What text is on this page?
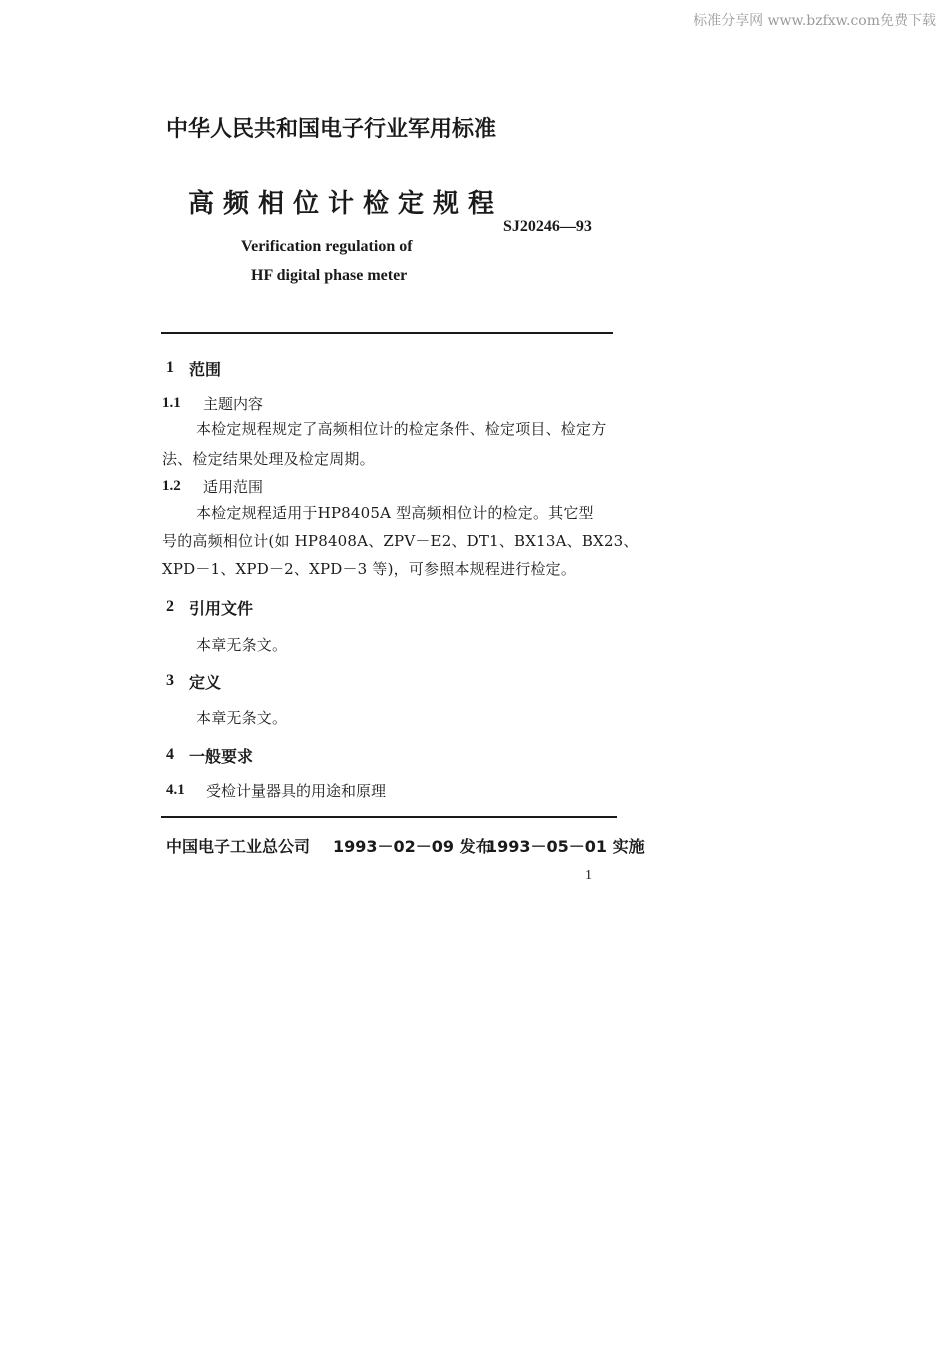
标准分享网 www.bzfxw.com免费下载
中华人民共和国电子行业军用标准
高频相位计检定规程
SJ20246—93
Verification regulation of
HF digital phase meter
1 范围
1.1 主题内容
本检定规程规定了高频相位计的检定条件、检定项目、检定方
法、检定结果处理及检定周期。
1.2 适用范围
本检定规程适用于HP8405A 型高频相位计的检定。其它型
号的高频相位计(如 HP8408A、ZPV－E2、DT1、BX13A、BX23、
XPD－1、XPD－2、XPD－3 等)，可参照本规程进行检定。
2 引用文件
本章无条文。
3 定义
本章无条文。
4 一般要求
4.1 受检计量器具的用途和原理
中国电子工业总公司 1993－02－09 发布
1993－05－01 实施
1
